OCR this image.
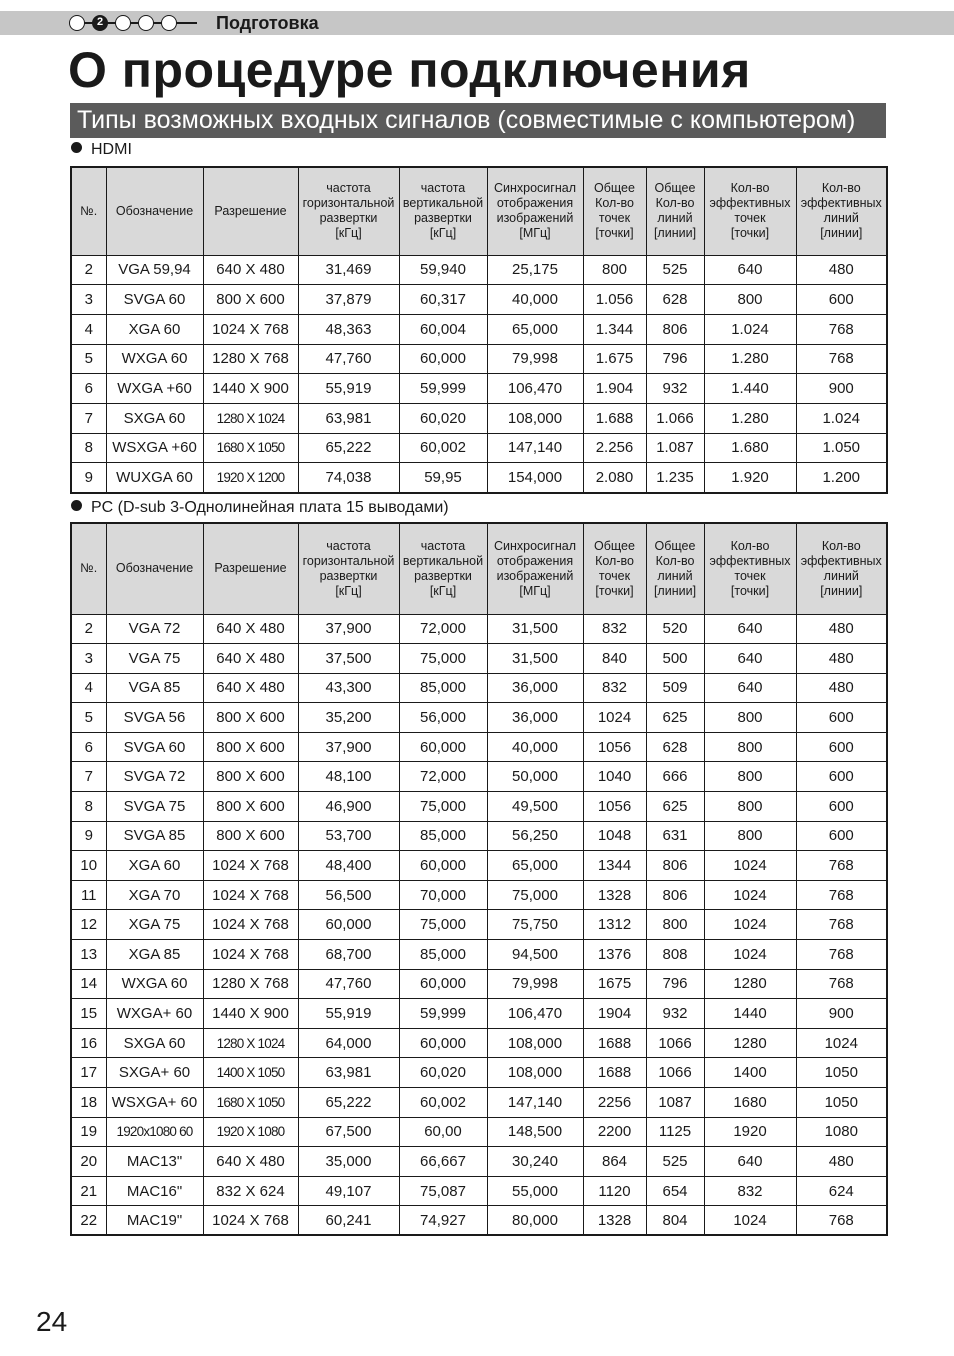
2	Подготовка
О процедуре подключения
Типы возможных входных сигналов (совместимые с компьютером)
HDMI
№.	Обозначение	Разрешение	частота
горизонтальной
развертки
[кГц]	частота
вертикальной
развертки
[кГц]	Синхросигнал
отображения
изображений
[МГц]	Общее
Кол-во
точек
[точки]	Общее
Кол-во
линий
[линии]	Кол-во
эффективных
точек
[точки]	Кол-во
эффективных
линий
[линии]
2	VGA 59,94	640 X 480	31,469	59,940	25,175	800	525	640	480
3	SVGA 60	800 X 600	37,879	60,317	40,000	1.056	628	800	600
4	XGA 60	1024 X 768	48,363	60,004	65,000	1.344	806	1.024	768
5	WXGA 60	1280 X 768	47,760	60,000	79,998	1.675	796	1.280	768
6	WXGA +60	1440 X 900	55,919	59,999	106,470	1.904	932	1.440	900
7	SXGA 60	1280 X 1024	63,981	60,020	108,000	1.688	1.066	1.280	1.024
8	WSXGA +60	1680 X 1050	65,222	60,002	147,140	2.256	1.087	1.680	1.050
9	WUXGA 60	1920 X 1200	74,038	59,95	154,000	2.080	1.235	1.920	1.200
PC (D-sub 3-Однолинейная плата 15 выводами)
№.	Обозначение	Разрешение	частота
горизонтальной
развертки
[кГц]	частота
вертикальной
развертки
[кГц]	Синхросигнал
отображения
изображений
[МГц]	Общее
Кол-во
точек
[точки]	Общее
Кол-во
линий
[линии]	Кол-во
эффективных
точек
[точки]	Кол-во
эффективных
линий
[линии]
2	VGA 72	640 X 480	37,900	72,000	31,500	832	520	640	480
3	VGA 75	640 X 480	37,500	75,000	31,500	840	500	640	480
4	VGA 85	640 X 480	43,300	85,000	36,000	832	509	640	480
5	SVGA 56	800 X 600	35,200	56,000	36,000	1024	625	800	600
6	SVGA 60	800 X 600	37,900	60,000	40,000	1056	628	800	600
7	SVGA 72	800 X 600	48,100	72,000	50,000	1040	666	800	600
8	SVGA 75	800 X 600	46,900	75,000	49,500	1056	625	800	600
9	SVGA 85	800 X 600	53,700	85,000	56,250	1048	631	800	600
10	XGA 60	1024 X 768	48,400	60,000	65,000	1344	806	1024	768
11	XGA 70	1024 X 768	56,500	70,000	75,000	1328	806	1024	768
12	XGA 75	1024 X 768	60,000	75,000	75,750	1312	800	1024	768
13	XGA 85	1024 X 768	68,700	85,000	94,500	1376	808	1024	768
14	WXGA 60	1280 X 768	47,760	60,000	79,998	1675	796	1280	768
15	WXGA+ 60	1440 X 900	55,919	59,999	106,470	1904	932	1440	900
16	SXGA 60	1280 X 1024	64,000	60,000	108,000	1688	1066	1280	1024
17	SXGA+ 60	1400 X 1050	63,981	60,020	108,000	1688	1066	1400	1050
18	WSXGA+ 60	1680 X 1050	65,222	60,002	147,140	2256	1087	1680	1050
19	1920x1080 60	1920 X 1080	67,500	60,00	148,500	2200	1125	1920	1080
20	MAC13"	640 X 480	35,000	66,667	30,240	864	525	640	480
21	MAC16"	832 X 624	49,107	75,087	55,000	1120	654	832	624
22	MAC19"	1024 X 768	60,241	74,927	80,000	1328	804	1024	768
24
